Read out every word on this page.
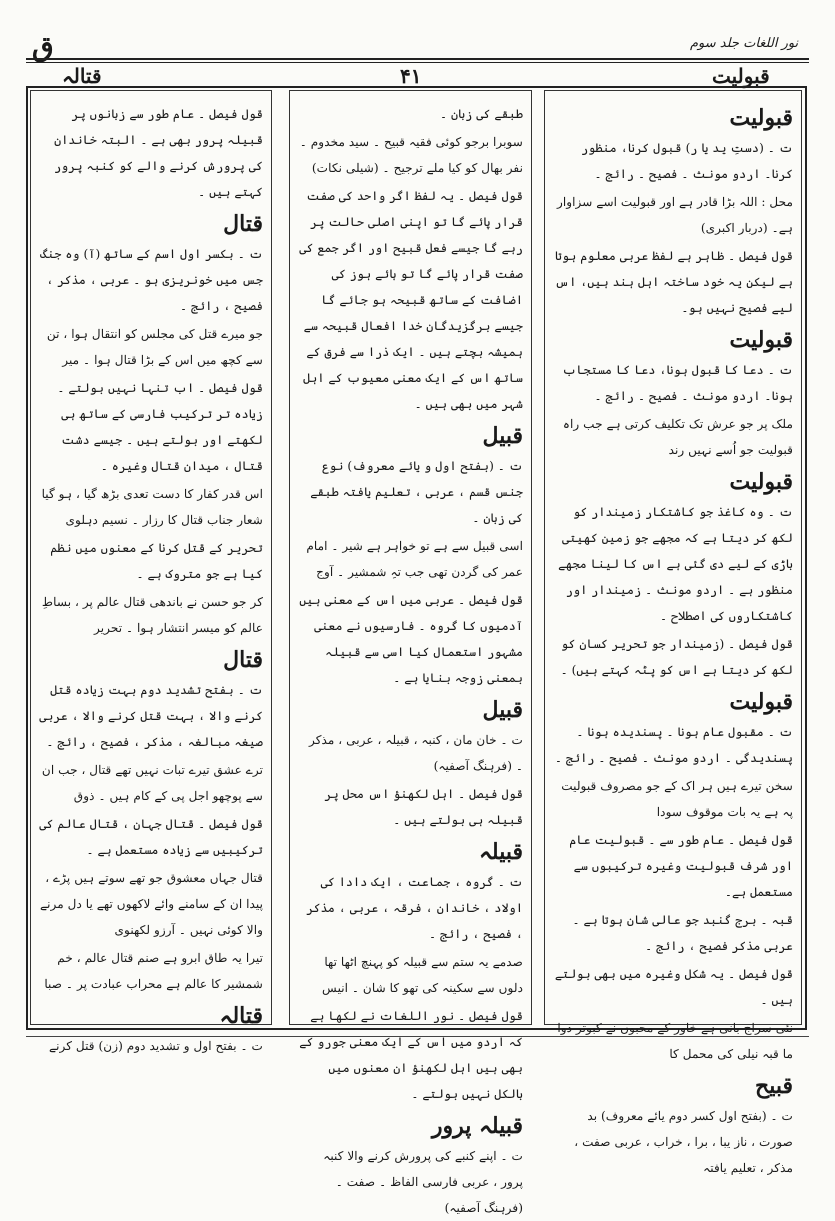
ق	نور اللغات جلد سوم
قتالہ	۴۱	قبولیت
قبولیت

ت ۔ (دستِ ید یا ر) قبول کرنا، منظور کرنا۔ اردو مونث ۔ فصیح ۔ رائج ۔

محل : اللہ بڑا قادر ہے اور قبولیت اسے سزاوار ہے۔ (دربار اکبری)

قول فیصل ۔ ظاہر ہے لفظ عربی معلوم ہوتا ہے لیکن یہ خود ساختہ اہل ہند ہیں، اس لیے فصیح نہیں ہو۔

قبولیت

ت ۔ دعا کا قبول ہونا، دعا کا مستجاب ہونا۔ اردو مونث ۔ فصیح ۔ رائج ۔

ملک پر جو عرش تک تکلیف کرتی ہے جب راہ قبولیت جو اُسے نہیں رند

قبولیت

ت ۔ وہ کاغذ جو کاشتکار زمیندار کو لکھ کر دیتا ہے کہ مجھے جو زمین کھیتی باڑی کے لیے دی گئی ہے اس کا لینا مجھے منظور ہے ۔ اردو مونث ۔ زمیندار اور کاشتکاروں کی اصطلاح ۔

قول فیصل ۔ (زمیندار جو تحریر کسان کو لکھ کر دیتا ہے اس کو پٹہ کہتے ہیں) ۔

قبولیت

ت ۔ مقبول عام ہونا ۔ پسندیدہ ہونا ۔ پسندیدگی ۔ اردو مونث ۔ فصیح ۔ رائج ۔

سخن تیرے ہیں ہر اک کے جو مصروف قبولیت پہ ہے یہ بات موقوف سودا

قول فیصل ۔ عام طور سے ۔ قبولیت عام اور شرف قبولیت وغیرہ ترکیبوں سے مستعمل ہے۔

قبہ ۔ برج گنبد جو عالی شان ہوتا ہے ۔ عربی مذکر فصیح ، رائج ۔

قول فیصل ۔ یہ شکل وغیرہ میں بھی بولتے ہیں ۔

نئی سراج بانی ہے خاور کے محبوں نے کبوتر دوا ما قبہ نیلی کی محمل کا

قبیح

ت ۔ (بفتح اول کسر دوم یائے معروف) بد صورت ، ناز یبا ، برا ، خراب ، عربی صفت ، مذکر ، تعلیم یافتہ

طبقے کی زبان ۔

سوبرا برجو کوئی فقیہ قبیح ۔ سید مخدوم ۔ نفر بھال کو کیا ملے ترجیح ۔ (شیلی نکات)

قول فیصل ۔ یہ لفظ اگر واحد کی صفت قرار پائے گا تو اپنی اصلی حالت پر رہے گا جیسے فعل قبیح اور اگر جمع کی صفت قرار پائے گا تو ہائے ہوز کی اضافت کے ساتھ قبیحہ ہو جائے گا جیسے برگزیدگان خدا افعال قبیحہ سے ہمیشہ بچتے ہیں ۔ ایک ذرا سے فرق کے ساتھ اس کے ایک معنی معیوب کے اہل شہر میں بھی ہیں ۔

قبیل

ت ۔ (بفتح اول و یائے معروف) نوع جنس قسم ، عربی ، تعلیم یافتہ طبقے کی زبان ۔

اسی قبیل سے ہے تو خواہر ہے شیر ۔ امام عمر کی گردن تھی جب تہِ شمشیر ۔ آوج

قول فیصل ۔ عربی میں اس کے معنی ہیں آدمیوں کا گروہ ۔ فارسیوں نے معنی مشہور استعمال کیا اسی سے قبیلہ بمعنی زوجہ بنایا ہے ۔

قبیل

ت ۔ خان مان ، کنبہ ، قبیلہ ، عربی ، مذکر ۔ (فرہنگ آصفیہ)

قول فیصل ۔ اہل لکھنؤ اس محل پر قبیلہ ہی بولتے ہیں ۔

قبیلہ

ت ۔ گروہ ، جماعت ، ایک دادا کی اولاد ، خاندان ، فرقہ ، عربی ، مذکر ، فصیح ، رائج ۔

صدمے یہ ستم سے قبیلہ کو پہنچ اٹھا تھا دلوں سے سکینہ کی تھو کا شان ۔ انیس

قول فیصل ۔ نور اللغات نے لکھا ہے کہ اردو میں اس کے ایک معنی جورو کے بھی ہیں اہل لکھنؤ ان معنوں میں بالکل نہیں بولتے ۔

قبیلہ پرور

ت ۔ اپنے کنبے کی پرورش کرنے والا کنبہ پرور ، عربی فارسی الفاظ ۔ صفت ۔ (فرہنگ آصفیہ)

قول فیصل ۔ عام طور سے زبانوں پر قبیلہ پرور بھی ہے ۔ البتہ خاندان کی پرورش کرنے والے کو کنبہ پرور کہتے ہیں ۔

قتال

ت ۔ بکسر اول اسم کے ساتھ (آ) وہ جنگ جس میں خونریزی ہو ۔ عربی ، مذکر ، فصیح ، رائج ۔

جو میرے قتل کی مجلس کو انتقال ہوا ، تن سے کچھ میں اس کے بڑا قتال ہوا ۔ میر

قول فیصل ۔ اب تنہا نہیں بولتے ۔ زیادہ تر ترکیب فارسی کے ساتھ ہی لکھتے اور بولتے ہیں ۔ جیسے دشت قتال ، میدان قتال وغیرہ ۔

اس قدر کفار کا دست تعدی بڑھ گیا ، ہو گیا شعار جناب قتال کا رزار ۔ نسیم دہلوی

تحریر کے قتل کرنا کے معنوں میں نظم کیا ہے جو متروک ہے ۔

کر جو حسن نے باندھی قتال عالم پر ، بساطِ عالم کو میسر انتشار ہوا ۔ تحریر

قتال

ت ۔ بفتح تشدید دوم بہت زیادہ قتل کرنے والا ، بہت قتل کرنے والا ، عربی صیغہ مبالغہ ، مذکر ، فصیح ، رائج ۔

ترے عشق تیرے تبات نہیں تھے قتال ، جب ان سے پوچھو اجل پی کے کام ہیں ۔ ذوق

قول فیصل ۔ قتال جہان ، قتال عالم کی ترکیبیں سے زیادہ مستعمل ہے ۔

قتال جہاں معشوق جو تھے سوتے ہیں پڑے ، پیدا ان کے سامنے وائے لاکھوں تھے یا دل مرنے والا کوئی نہیں ۔ آرزو لکھنوی

تیرا یہ طاق ابرو ہے صنم قتال عالم ، خم شمشیر کا عالم ہے محراب عبادت پر ۔ صبا

قتالہ

ت ۔ بفتح اول و تشدید دوم (زن) قتل کرنے
